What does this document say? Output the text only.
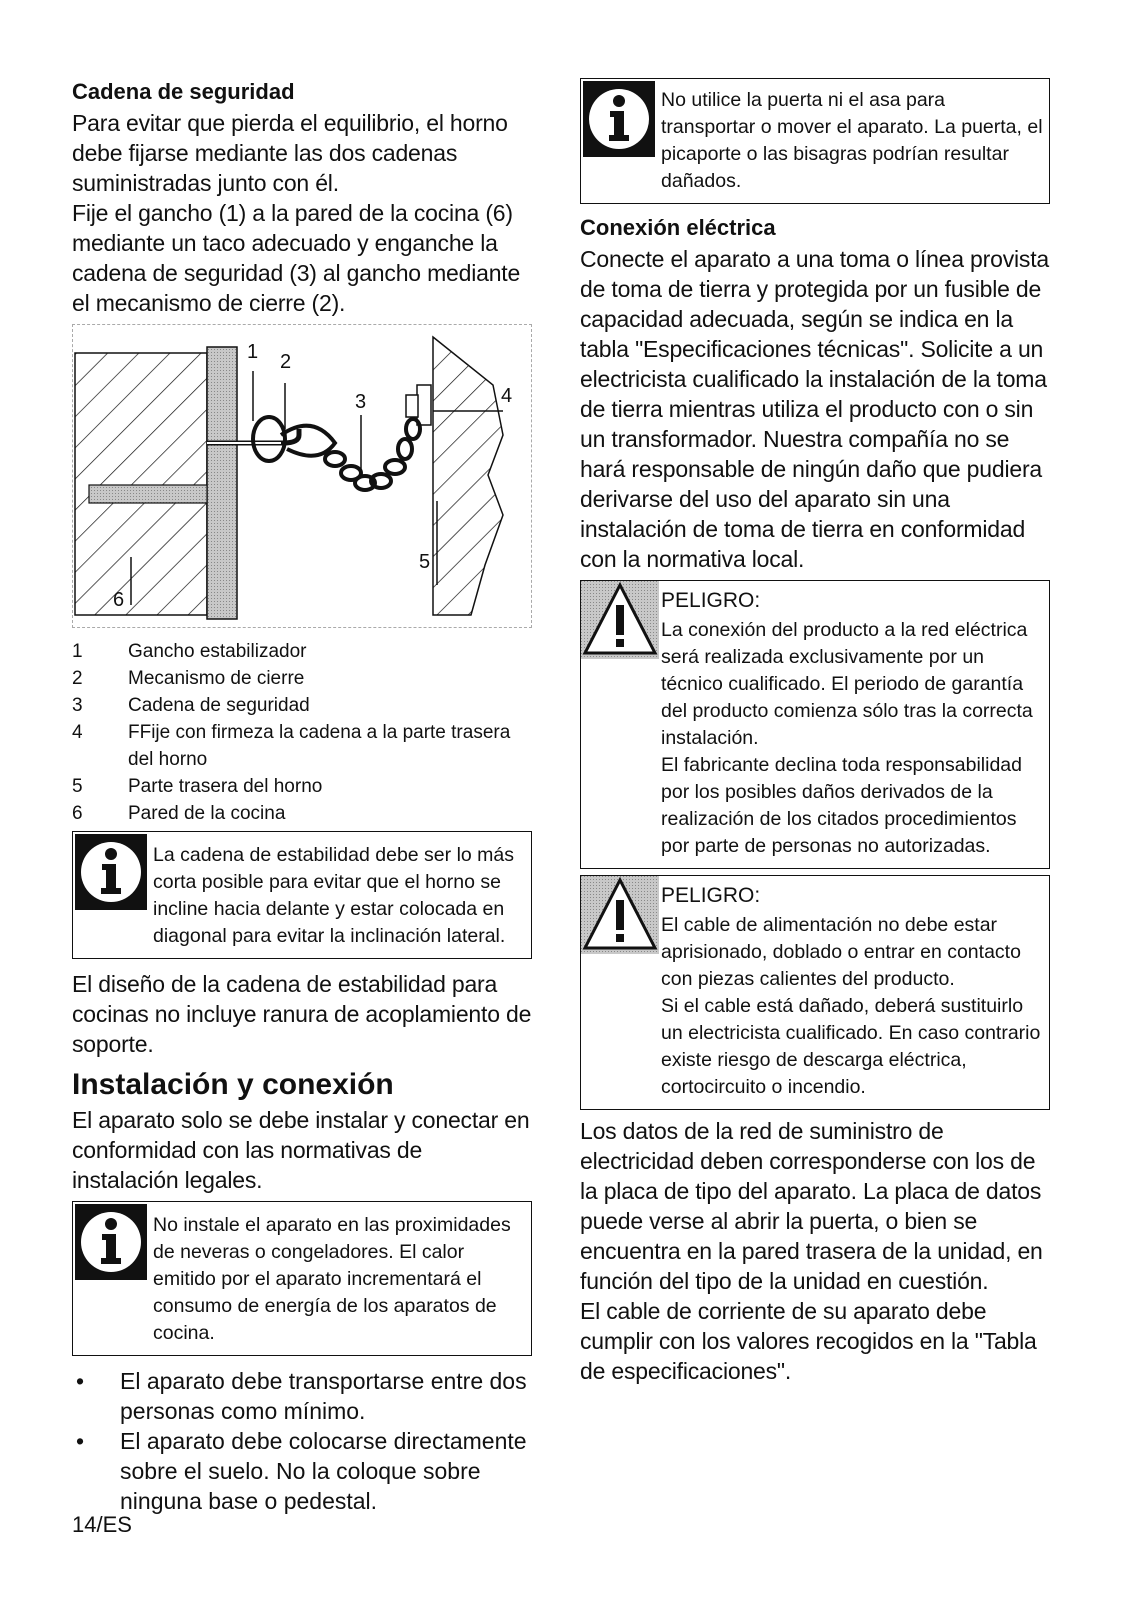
Cadena de seguridad

Para evitar que pierda el equilibrio, el horno debe fijarse mediante las dos cadenas suministradas junto con él.

Fije el gancho (1) a la pared de la cocina (6) mediante un taco adecuado y enganche la cadena de seguridad (3) al gancho mediante el mecanismo de cierre (2).

1 2
3	4
5
6
1	Gancho estabilizador
2	Mecanismo de cierre
3	Cadena de seguridad
4	FFije con firmeza la cadena a la parte trasera del horno
5	Parte trasera del horno
6	Pared de la cocina

La cadena de estabilidad debe ser lo más corta posible para evitar que el horno se incline hacia delante y estar colocada en diagonal para evitar la inclinación lateral.

El diseño de la cadena de estabilidad para cocinas no incluye ranura de acoplamiento de soporte.

Instalación y conexión

El aparato solo se debe instalar y conectar en conformidad con las normativas de instalación legales.

No instale el aparato en las proximidades de neveras o congeladores. El calor emitido por el aparato incrementará el consumo de energía de los aparatos de cocina.

• El aparato debe transportarse entre dos personas como mínimo.
• El aparato debe colocarse directamente sobre el suelo. No la coloque sobre ninguna base o pedestal.

No utilice la puerta ni el asa para transportar o mover el aparato. La puerta, el picaporte o las bisagras podrían resultar dañados.

Conexión eléctrica

Conecte el aparato a una toma o línea provista de toma de tierra y protegida por un fusible de capacidad adecuada, según se indica en la tabla "Especificaciones técnicas". Solicite a un electricista cualificado la instalación de la toma de tierra mientras utiliza el producto con o sin un transformador. Nuestra compañía no se hará responsable de ningún daño que pudiera derivarse del uso del aparato sin una instalación de toma de tierra en conformidad con la normativa local.

PELIGRO:

La conexión del producto a la red eléctrica será realizada exclusivamente por un técnico cualificado. El periodo de garantía del producto comienza sólo tras la correcta instalación.

El fabricante declina toda responsabilidad por los posibles daños derivados de la realización de los citados procedimientos por parte de personas no autorizadas.

PELIGRO:

El cable de alimentación no debe estar aprisionado, doblado o entrar en contacto con piezas calientes del producto.

Si el cable está dañado, deberá sustituirlo un electricista cualificado. En caso contrario existe riesgo de descarga eléctrica, cortocircuito o incendio.

Los datos de la red de suministro de electricidad deben corresponderse con los de la placa de tipo del aparato. La placa de datos puede verse al abrir la puerta, o bien se encuentra en la pared trasera de la unidad, en función del tipo de la unidad en cuestión.

El cable de corriente de su aparato debe cumplir con los valores recogidos en la "Tabla de especificaciones".

14/ES
